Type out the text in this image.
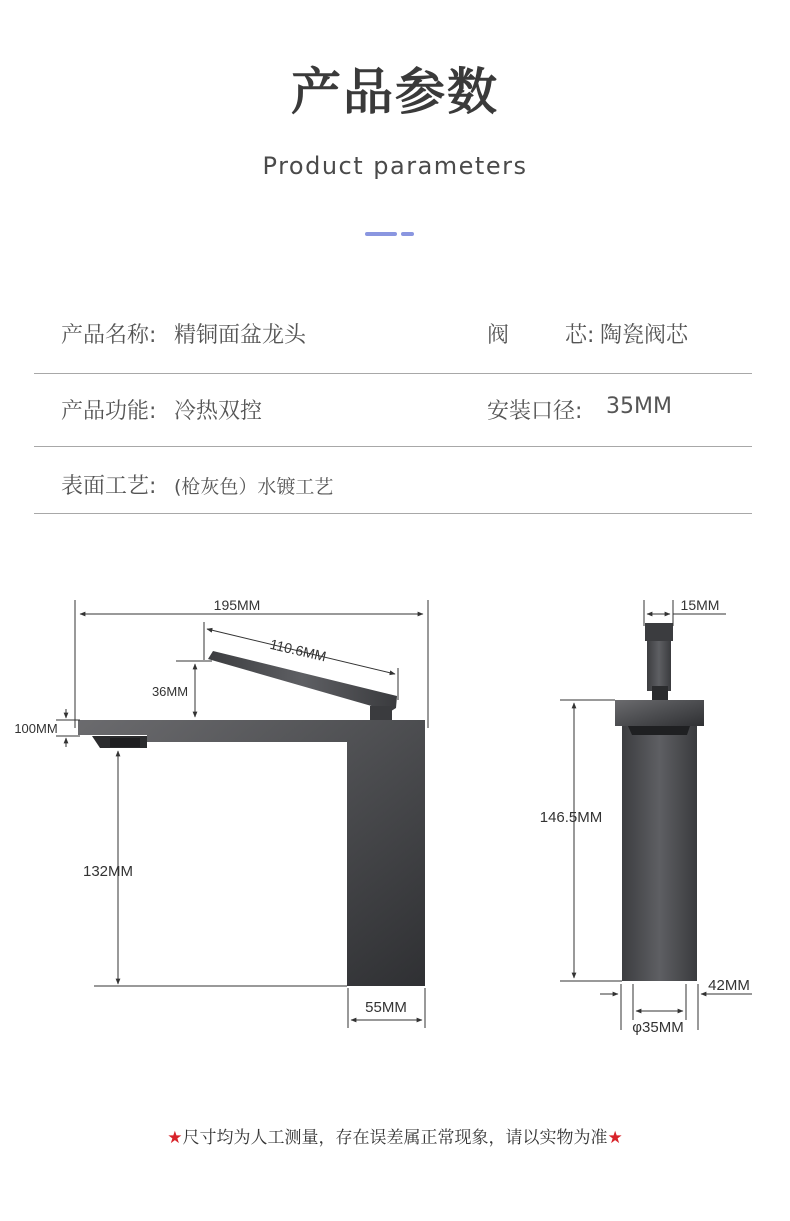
产品参数
Product parameters
产品名称: 精铜面盆龙头	阀        芯: 陶瓷阀芯
产品功能: 冷热双控	安装口径: 35MM
表面工艺: (枪灰色）水镀工艺
195MM
110.6MM
36MM
100MM
132MM
55MM
15MM
146.5MM
42MM
φ35MM
★尺寸均为人工测量，存在误差属正常现象，请以实物为准★
